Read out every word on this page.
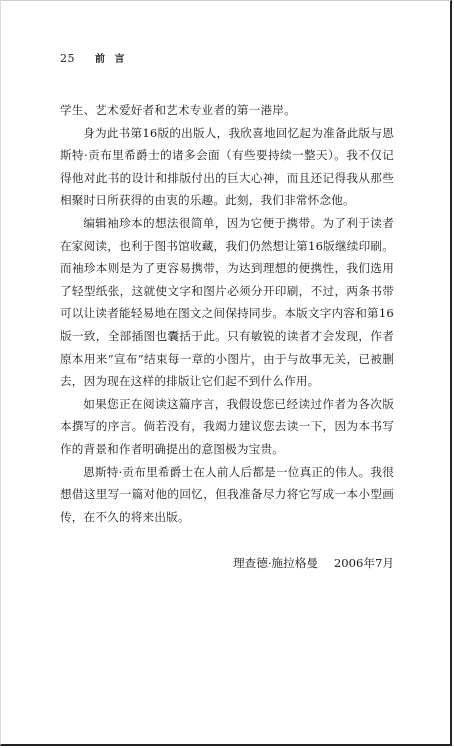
25 前 言

学生、艺术爱好者和艺术专业者的第一港岸。

身为此书第16版的出版人，我欣喜地回忆起为准备此版与恩斯特·贡布里希爵士的诸多会面（有些要持续一整天）。我不仅记得他对此书的设计和排版付出的巨大心神，而且还记得我从那些相聚时日所获得的由衷的乐趣。此刻，我们非常怀念他。

编辑袖珍本的想法很简单，因为它便于携带。为了利于读者在家阅读，也利于图书馆收藏，我们仍然想让第16版继续印刷。而袖珍本则是为了更容易携带，为达到理想的便携性，我们选用了轻型纸张，这就使文字和图片必须分开印刷，不过，两条书带可以让读者能轻易地在图文之间保持同步。本版文字内容和第16版一致，全部插图也囊括于此。只有敏锐的读者才会发现，作者原本用来“宣布”结束每一章的小图片，由于与故事无关，已被删去，因为现在这样的排版让它们起不到什么作用。

如果您正在阅读这篇序言，我假设您已经读过作者为各次版本撰写的序言。倘若没有，我竭力建议您去读一下，因为本书写作的背景和作者明确提出的意图极为宝贵。

恩斯特·贡布里希爵士在人前人后都是一位真正的伟人。我很想借这里写一篇对他的回忆，但我准备尽力将它写成一本小型画传，在不久的将来出版。

理查德·施拉格曼 2006年7月
